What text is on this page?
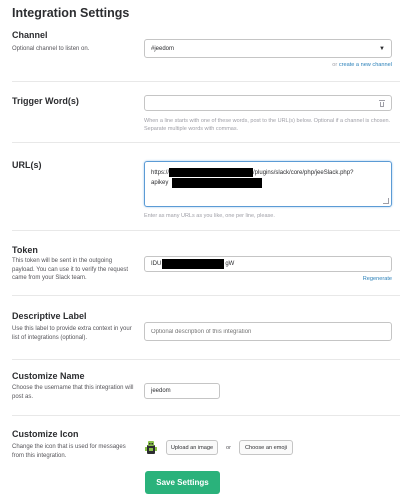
Integration Settings
Channel
Optional channel to listen on.	#jeedom	▼
or create a new channel
Trigger Word(s)
When a line starts with one of these words, post to the URL(s) below. Optional if a channel is chosen. Separate multiple words with commas.
URL(s)
https://	/plugins/slack/core/php/jeeSlack.php?
apikey
Enter as many URLs as you like, one per line, please.
Token
This token will be sent in the outgoing payload. You can use it to verify the request came from your Slack team.
IDU	gW
Regenerate
Descriptive Label
Use this label to provide extra context in your list of integrations (optional).
Optional description of this integration
Customize Name
Choose the username that this integration will post as.
jeedom
Customize Icon
Change the icon that is used for messages from this integration.
Upload an image	or	Choose an emoji
Save Settings
